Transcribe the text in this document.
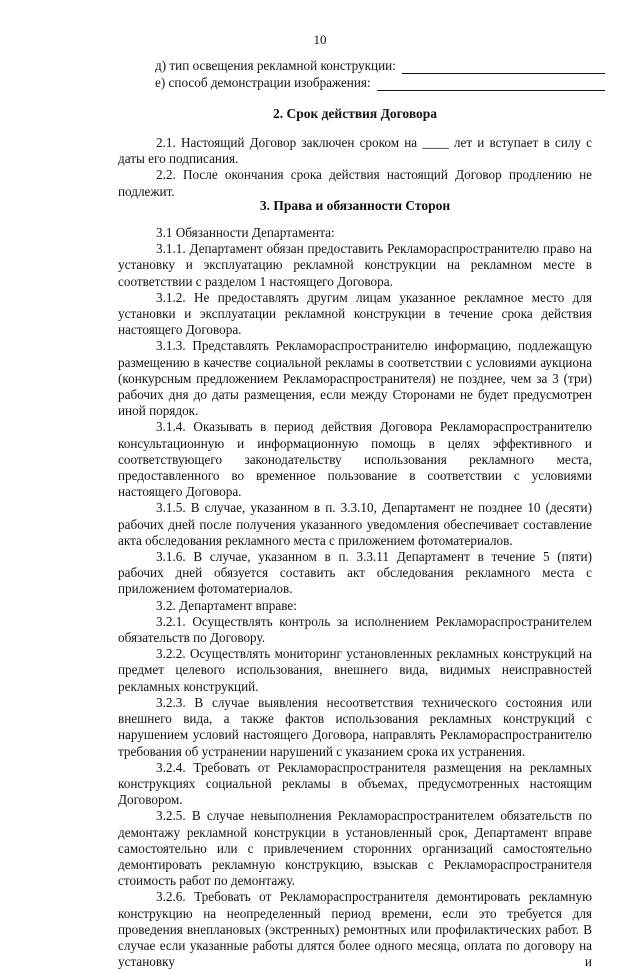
10
д) тип освещения рекламной конструкции:
е) способ демонстрации изображения:
2. Срок действия Договора

2.1. Настоящий Договор заключен сроком на ____ лет и вступает в силу с даты его подписания.

2.2. После окончания срока действия настоящий Договор продлению не подлежит.

3. Права и обязанности Сторон

3.1 Обязанности Департамента:

3.1.1. Департамент обязан предоставить Рекламораспространителю право на установку и эксплуатацию рекламной конструкции на рекламном месте в соответствии с разделом 1 настоящего Договора.

3.1.2. Не предоставлять другим лицам указанное рекламное место для установки и эксплуатации рекламной конструкции в течение срока действия настоящего Договора.

3.1.3. Представлять Рекламораспространителю информацию, подлежащую размещению в качестве социальной рекламы в соответствии с условиями аукциона (конкурсным предложением Рекламораспространителя) не позднее, чем за 3 (три) рабочих дня до даты размещения, если между Сторонами не будет предусмотрен иной порядок.

3.1.4. Оказывать в период действия Договора Рекламораспространителю консультационную и информационную помощь в целях эффективного и соответствующего законодательству использования рекламного места, предоставленного во временное пользование в соответствии с условиями настоящего Договора.

3.1.5. В случае, указанном в п. 3.3.10, Департамент не позднее 10 (десяти) рабочих дней после получения указанного уведомления обеспечивает составление акта обследования рекламного места с приложением фотоматериалов.

3.1.6. В случае, указанном в п. 3.3.11 Департамент в течение 5 (пяти) рабочих дней обязуется составить акт обследования рекламного места с приложением фотоматериалов.

3.2. Департамент вправе:

3.2.1. Осуществлять контроль за исполнением Рекламораспространителем обязательств по Договору.

3.2.2. Осуществлять мониторинг установленных рекламных конструкций на предмет целевого использования, внешнего вида, видимых неисправностей рекламных конструкций.

3.2.3. В случае выявления несоответствия технического состояния или внешнего вида, а также фактов использования рекламных конструкций с нарушением условий настоящего Договора, направлять Рекламораспространителю требования об устранении нарушений с указанием срока их устранения.

3.2.4. Требовать от Рекламораспространителя размещения на рекламных конструкциях социальной рекламы в объемах, предусмотренных настоящим Договором.

3.2.5. В случае невыполнения Рекламораспространителем обязательств по демонтажу рекламной конструкции в установленный срок, Департамент вправе самостоятельно или с привлечением сторонних организаций самостоятельно демонтировать рекламную конструкцию, взыскав с Рекламораспространителя стоимость работ по демонтажу.

3.2.6. Требовать от Рекламораспространителя демонтировать рекламную конструкцию на неопределенный период времени, если это требуется для проведения внеплановых (экстренных) ремонтных или профилактических работ. В случае если указанные работы длятся более одного месяца, оплата по договору на установку и
